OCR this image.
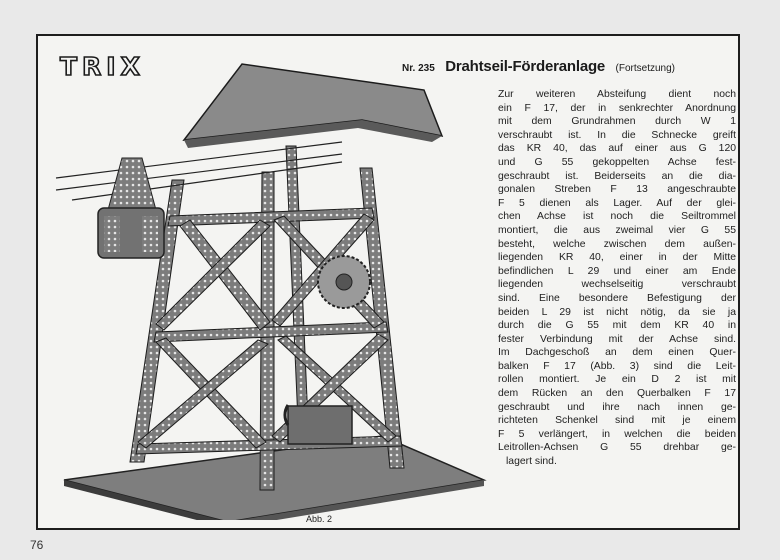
TRIX	Nr. 235 Drahtseil-Förderanlage (Fortsetzung)
Abb. 2
Zur weiteren Absteifung dient noch
ein F 17, der in senkrechter Anordnung
mit dem Grundrahmen durch W 1
verschraubt ist. In die Schnecke greift
das KR 40, das auf einer aus G 120
und G 55 gekoppelten Achse fest-
geschraubt ist. Beiderseits an die dia-
gonalen Streben F 13 angeschraubte
F 5 dienen als Lager. Auf der glei-
chen Achse ist noch die Seiltrommel
montiert, die aus zweimal vier G 55
besteht, welche zwischen dem außen-
liegenden KR 40, einer in der Mitte
befindlichen L 29 und einer am Ende
liegenden wechselseitig verschraubt
sind. Eine besondere Befestigung der
beiden L 29 ist nicht nötig, da sie ja
durch die G 55 mit dem KR 40 in
fester Verbindung mit der Achse sind.
Im Dachgeschoß an dem einen Quer-
balken F 17 (Abb. 3) sind die Leit-
rollen montiert. Je ein D 2 ist mit
dem Rücken an den Querbalken F 17
geschraubt und ihre nach innen ge-
richteten Schenkel sind mit je einem
F 5 verlängert, in welchen die beiden
Leitrollen-Achsen G 55 drehbar ge-
lagert sind.
76
